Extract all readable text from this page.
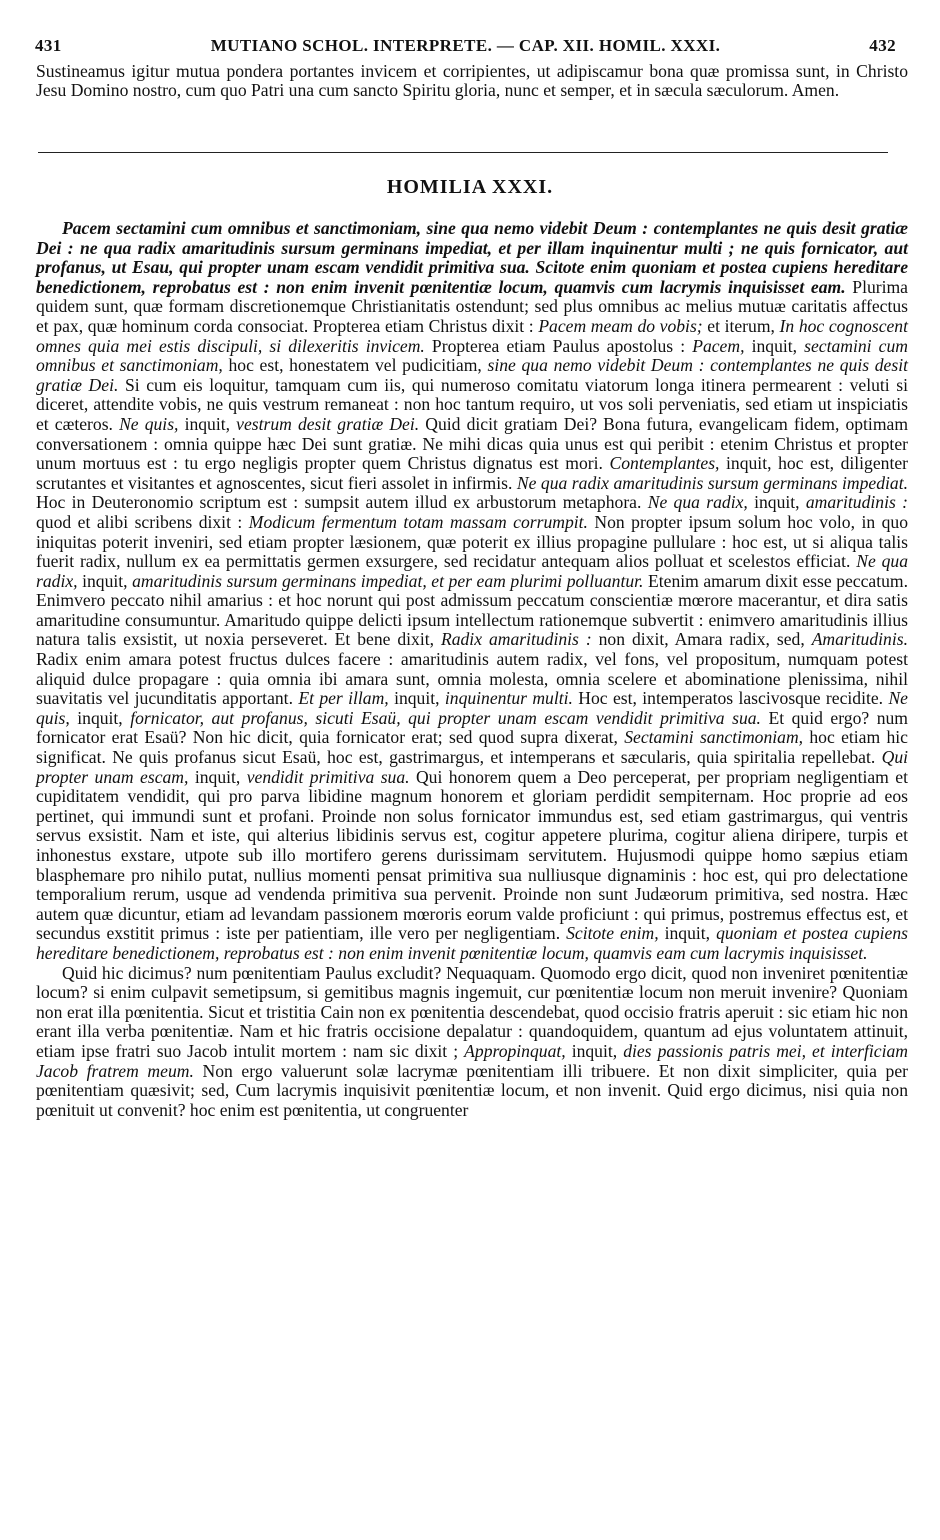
431	MUTIANO SCHOL. INTERPRETE. — CAP. XII. HOMIL. XXXI.	432
Sustineamus igitur mutua pondera portantes invicem et corripientes, ut adipiscamur bona quæ promissa sunt, in Christo Jesu Domino nostro, cum quo Patri una cum sancto Spiritu gloria, nunc et semper, et in sæcula sæculorum. Amen.
HOMILIA XXXI.

Pacem sectamini cum omnibus et sanctimoniam, sine qua nemo videbit Deum : contemplantes ne quis desit gratiæ Dei : ne qua radix amaritudinis sursum germinans impediat, et per illam inquinentur multi ; ne quis fornicator, aut profanus, ut Esau, qui propter unam escam vendidit primitiva sua. Scitote enim quoniam et postea cupiens hereditare benedictionem, reprobatus est : non enim invenit pœnitentiæ locum, quamvis cum lacrymis inquisisset eam. Plurima quidem sunt, quæ formam discretionemque Christianitatis ostendunt; sed plus omnibus ac melius mutuæ caritatis affectus et pax, quæ hominum corda consociat. Propterea etiam Christus dixit : Pacem meam do vobis; et iterum, In hoc cognoscent omnes quia mei estis discipuli, si dilexeritis invicem. Propterea etiam Paulus apostolus : Pacem, inquit, sectamini cum omnibus et sanctimoniam, hoc est, honestatem vel pudicitiam, sine qua nemo videbit Deum : contemplantes ne quis desit gratiæ Dei. Si cum eis loquitur, tamquam cum iis, qui numeroso comitatu viatorum longa itinera permearent : veluti si diceret, attendite vobis, ne quis vestrum remaneat : non hoc tantum requiro, ut vos soli perveniatis, sed etiam ut inspiciatis et cæteros. Ne quis, inquit, vestrum desit gratiæ Dei. Quid dicit gratiam Dei? Bona futura, evangelicam fidem, optimam conversationem : omnia quippe hæc Dei sunt gratiæ. Ne mihi dicas quia unus est qui peribit : etenim Christus et propter unum mortuus est : tu ergo negligis propter quem Christus dignatus est mori. Contemplantes, inquit, hoc est, diligenter scrutantes et visitantes et agnoscentes, sicut fieri assolet in infirmis. Ne qua radix amaritudinis sursum germinans impediat. Hoc in Deuteronomio scriptum est : sumpsit autem illud ex arbustorum metaphora. Ne qua radix, inquit, amaritudinis : quod et alibi scribens dixit : Modicum fermentum totam massam corrumpit. Non propter ipsum solum hoc volo, in quo iniquitas poterit inveniri, sed etiam propter læsionem, quæ poterit ex illius propagine pullulare : hoc est, ut si aliqua talis fuerit radix, nullum ex ea permittatis germen exsurgere, sed recidatur antequam alios polluat et scelestos efficiat. Ne qua radix, inquit, amaritudinis sursum germinans impediat, et per eam plurimi polluantur. Etenim amarum dixit esse peccatum. Enimvero peccato nihil amarius : et hoc norunt qui post admissum peccatum conscientiæ mœrore macerantur, et dira satis amaritudine consumuntur. Amaritudo quippe delicti ipsum intellectum rationemque subvertit : enimvero amaritudinis illius natura talis exsistit, ut noxia perseveret. Et bene dixit, Radix amaritudinis : non dixit, Amara radix, sed, Amaritudinis. Radix enim amara potest fructus dulces facere : amaritudinis autem radix, vel fons, vel propositum, numquam potest aliquid dulce propagare : quia omnia ibi amara sunt, omnia molesta, omnia scelere et abominatione plenissima, nihil suavitatis vel jucunditatis apportant. Et per illam, inquit, inquinentur multi. Hoc est, intemperatos lascivosque recidite. Ne quis, inquit, fornicator, aut profanus, sicuti Esaü, qui propter unam escam vendidit primitiva sua. Et quid ergo? num fornicator erat Esaü? Non hic dicit, quia fornicator erat; sed quod supra dixerat, Sectamini sanctimoniam, hoc etiam hic significat. Ne quis profanus sicut Esaü, hoc est, gastrimargus, et intemperans et sæcularis, quia spiritalia repellebat. Qui propter unam escam, inquit, vendidit primitiva sua. Qui honorem quem a Deo perceperat, per propriam negligentiam et cupiditatem vendidit, qui pro parva libidine magnum honorem et gloriam perdidit sempiternam. Hoc proprie ad eos pertinet, qui immundi sunt et profani. Proinde non solus fornicator immundus est, sed etiam gastrimargus, qui ventris servus exsistit. Nam et iste, qui alterius libidinis servus est, cogitur appetere plurima, cogitur aliena diripere, turpis et inhonestus exstare, utpote sub illo mortifero gerens durissimam servitutem. Hujusmodi quippe homo sæpius etiam blasphemare pro nihilo putat, nullius momenti pensat primitiva sua nulliusque dignaminis : hoc est, qui pro delectatione temporalium rerum, usque ad vendenda primitiva sua pervenit. Proinde non sunt Judæorum primitiva, sed nostra. Hæc autem quæ dicuntur, etiam ad levandam passionem mœroris eorum valde proficiunt : qui primus, postremus effectus est, et secundus exstitit primus : iste per patientiam, ille vero per negligentiam. Scitote enim, inquit, quoniam et postea cupiens hereditare benedictionem, reprobatus est : non enim invenit pœnitentiæ locum, quamvis eam cum lacrymis inquisisset.

Quid hic dicimus? num pœnitentiam Paulus excludit? Nequaquam. Quomodo ergo dicit, quod non inveniret pœnitentiæ locum? si enim culpavit semetipsum, si gemitibus magnis ingemuit, cur pœnitentiæ locum non meruit invenire? Quoniam non erat illa pœnitentia. Sicut et tristitia Cain non ex pœnitentia descendebat, quod occisio fratris aperuit : sic etiam hic non erant illa verba pœnitentiæ. Nam et hic fratris occisione depalatur : quandoquidem, quantum ad ejus voluntatem attinuit, etiam ipse fratri suo Jacob intulit mortem : nam sic dixit ; Appropinquat, inquit, dies passionis patris mei, et interficiam Jacob fratrem meum. Non ergo valuerunt solæ lacrymæ pœnitentiam illi tribuere. Et non dixit simpliciter, quia per pœnitentiam quæsivit; sed, Cum lacrymis inquisivit pœnitentiæ locum, et non invenit. Quid ergo dicimus, nisi quia non pœnituit ut convenit? hoc enim est pœnitentia, ut congruenter
